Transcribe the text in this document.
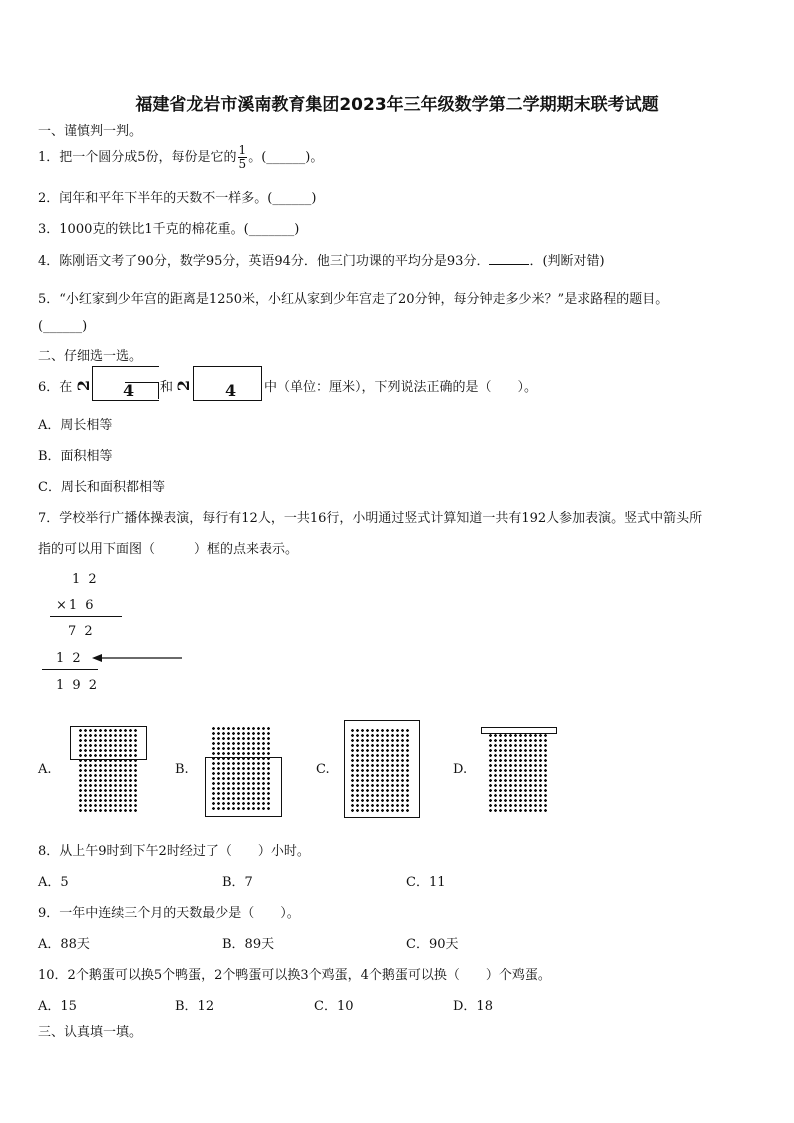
福建省龙岩市溪南教育集团2023年三年级数学第二学期期末联考试题
一、谨慎判一判。
1．把一个圆分成5份，每份是它的 $\frac{1}{5}$ 。(______)。
2．闰年和平年下半年的天数不一样多。(______)
3．1000克的铁比1千克的棉花重。(_______)
4．陈刚语文考了90分，数学95分，英语94分．他三门功课的平均分是93分．	．(判断对错)
5．“小红家到少年宫的距离是1250米，小红从家到少年宫走了20分钟，每分钟走多少米？”是求路程的题目。
(______)
二、仔细选一选。
6．在 2 4 和 2 4 中（单位：厘米），下列说法正确的是（　　）。
A．周长相等
B．面积相等
C．周长和面积都相等
7．学校举行广播体操表演，每行有12人，一共16行，小明通过竖式计算知道一共有192人参加表演。竖式中箭头所
指的可以用下面图（　　　）框的点来表示。
1 2
×1 6
7 2
1 2
1 9 2
A.	B.	C.	D.
8．从上午9时到下午2时经过了（　　）小时。
A．5	B．7	C．11
9．一年中连续三个月的天数最少是（　　）。
A．88天	B．89天	C．90天
10．2个鹅蛋可以换5个鸭蛋，2个鸭蛋可以换3个鸡蛋，4个鹅蛋可以换（　　）个鸡蛋。
A．15	B．12	C．10	D．18
三、认真填一填。
